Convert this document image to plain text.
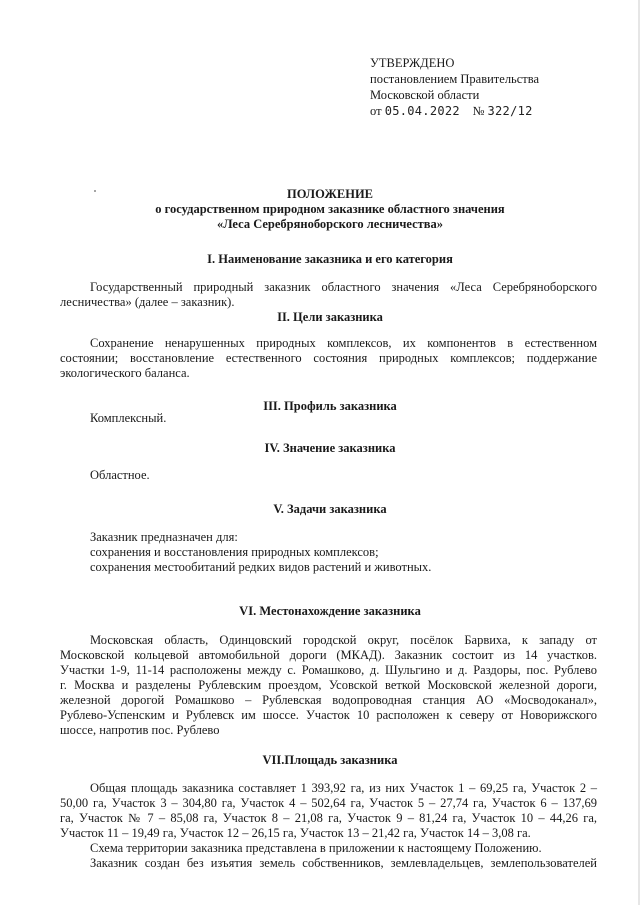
УТВЕРЖДЕНО
постановлением Правительства
Московской области
от 05.04.2022 № 322/12
ПОЛОЖЕНИЕ
о государственном природном заказнике областного значения
«Леса Серебряноборского лесничества»
I. Наименование заказника и его категория
Государственный природный заказник областного значения «Леса Серебряноборского
лесничества» (далее – заказник).
II. Цели заказника
Сохранение ненарушенных природных комплексов, их компонентов в естественном
состоянии; восстановление естественного состояния природных комплексов; поддержание
экологического баланса.
III. Профиль заказника
Комплексный.
IV. Значение заказника
Областное.
V. Задачи заказника
Заказник предназначен для:
сохранения и восстановления природных комплексов;
сохранения местообитаний редких видов растений и животных.
VI. Местонахождение заказника
Московская область, Одинцовский городской округ, посёлок Барвиха, к западу от
Московской кольцевой автомобильной дороги (МКАД). Заказник состоит из 14 участков.
Участки 1-9, 11-14 расположены между с. Ромашково, д. Шульгино и д. Раздоры, пос. Рублево
г. Москва и разделены Рублевским проездом, Усовской веткой Московской железной дороги,
железной дорогой Ромашково – Рублевская водопроводная станция АО «Мосводоканал»,
Рублево-Успенским и Рублевск им шоссе. Участок 10 расположен к северу от Новорижского
шоссе, напротив пос. Рублево
VII.Площадь заказника
Общая площадь заказника составляет 1 393,92 га, из них Участок 1 – 69,25 га, Участок 2 –
50,00 га, Участок 3 – 304,80 га, Участок 4 – 502,64 га, Участок 5 – 27,74 га, Участок 6 – 137,69
га, Участок № 7 – 85,08 га, Участок 8 – 21,08 га, Участок 9 – 81,24 га, Участок 10 – 44,26 га,
Участок 11 – 19,49 га, Участок 12 – 26,15 га, Участок 13 – 21,42 га, Участок 14 – 3,08 га.
Схема территории заказника представлена в приложении к настоящему Положению.
Заказник создан без изъятия земель собственников, землевладельцев, землепользователей
